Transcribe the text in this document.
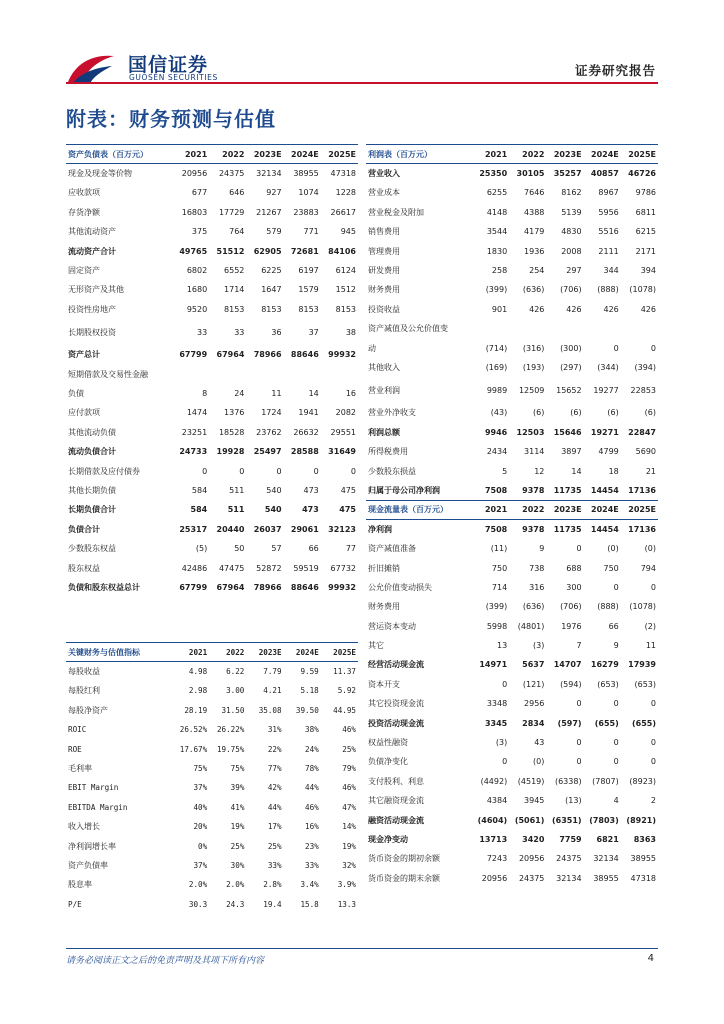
国信证券
GUOSEN SECURITIES	证券研究报告
附表：财务预测与估值
资产负债表（百万元）	2021	2022	2023E	2024E	2025E
现金及现金等价物	20956	24375	32134	38955	47318
应收款项	677	646	927	1074	1228
存货净额	16803	17729	21267	23883	26617
其他流动资产	375	764	579	771	945
流动资产合计	49765	51512	62905	72681	84106
固定资产	6802	6552	6225	6197	6124
无形资产及其他	1680	1714	1647	1579	1512
投资性房地产	9520	8153	8153	8153	8153
长期股权投资	33	33	36	37	38
资产总计	67799	67964	78966	88646	99932
短期借款及交易性金融					
负债	8	24	11	14	16
应付款项	1474	1376	1724	1941	2082
其他流动负债	23251	18528	23762	26632	29551
流动负债合计	24733	19928	25497	28588	31649
长期借款及应付债券	0	0	0	0	0
其他长期负债	584	511	540	473	475
长期负债合计	584	511	540	473	475
负债合计	25317	20440	26037	29061	32123
少数股东权益	(5)	50	57	66	77
股东权益	42486	47475	52872	59519	67732
负债和股东权益总计	67799	67964	78966	88646	99932
关键财务与估值指标	2021	2022	2023E	2024E	2025E
每股收益	4.98	6.22	7.79	9.59	11.37
每股红利	2.98	3.00	4.21	5.18	5.92
每股净资产	28.19	31.50	35.08	39.50	44.95
ROIC	26.52%	26.22%	31%	38%	46%
ROE	17.67%	19.75%	22%	24%	25%
毛利率	75%	75%	77%	78%	79%
EBIT Margin	37%	39%	42%	44%	46%
EBITDA Margin	40%	41%	44%	46%	47%
收入增长	20%	19%	17%	16%	14%
净利润增长率	0%	25%	25%	23%	19%
资产负债率	37%	30%	33%	33%	32%
股息率	2.0%	2.0%	2.8%	3.4%	3.9%
P/E	30.3	24.3	19.4	15.8	13.3
利润表（百万元）	2021	2022	2023E	2024E	2025E
营业收入	25350	30105	35257	40857	46726
营业成本	6255	7646	8162	8967	9786
营业税金及附加	4148	4388	5139	5956	6811
销售费用	3544	4179	4830	5516	6215
管理费用	1830	1936	2008	2111	2171
研发费用	258	254	297	344	394
财务费用	(399)	(636)	(706)	(888)	(1078)
投资收益	901	426	426	426	426
资产减值及公允价值变					
动	(714)	(316)	(300)	0	0
其他收入	(169)	(193)	(297)	(344)	(394)
营业利润	9989	12509	15652	19277	22853
营业外净收支	(43)	(6)	(6)	(6)	(6)
利润总额	9946	12503	15646	19271	22847
所得税费用	2434	3114	3897	4799	5690
少数股东损益	5	12	14	18	21
归属于母公司净利润	7508	9378	11735	14454	17136
现金流量表（百万元）	2021	2022	2023E	2024E	2025E
净利润	7508	9378	11735	14454	17136
资产减值准备	(11)	9	0	(0)	(0)
折旧摊销	750	738	688	750	794
公允价值变动损失	714	316	300	0	0
财务费用	(399)	(636)	(706)	(888)	(1078)
营运资本变动	5998	(4801)	1976	66	(2)
其它	13	(3)	7	9	11
经营活动现金流	14971	5637	14707	16279	17939
资本开支	0	(121)	(594)	(653)	(653)
其它投资现金流	3348	2956	0	0	0
投资活动现金流	3345	2834	(597)	(655)	(655)
权益性融资	(3)	43	0	0	0
负债净变化	0	(0)	0	0	0
支付股利、利息	(4492)	(4519)	(6338)	(7807)	(8923)
其它融资现金流	4384	3945	(13)	4	2
融资活动现金流	(4604)	(5061)	(6351)	(7803)	(8921)
现金净变动	13713	3420	7759	6821	8363
货币资金的期初余额	7243	20956	24375	32134	38955
货币资金的期末余额	20956	24375	32134	38955	47318
请务必阅读正文之后的免责声明及其项下所有内容	4
